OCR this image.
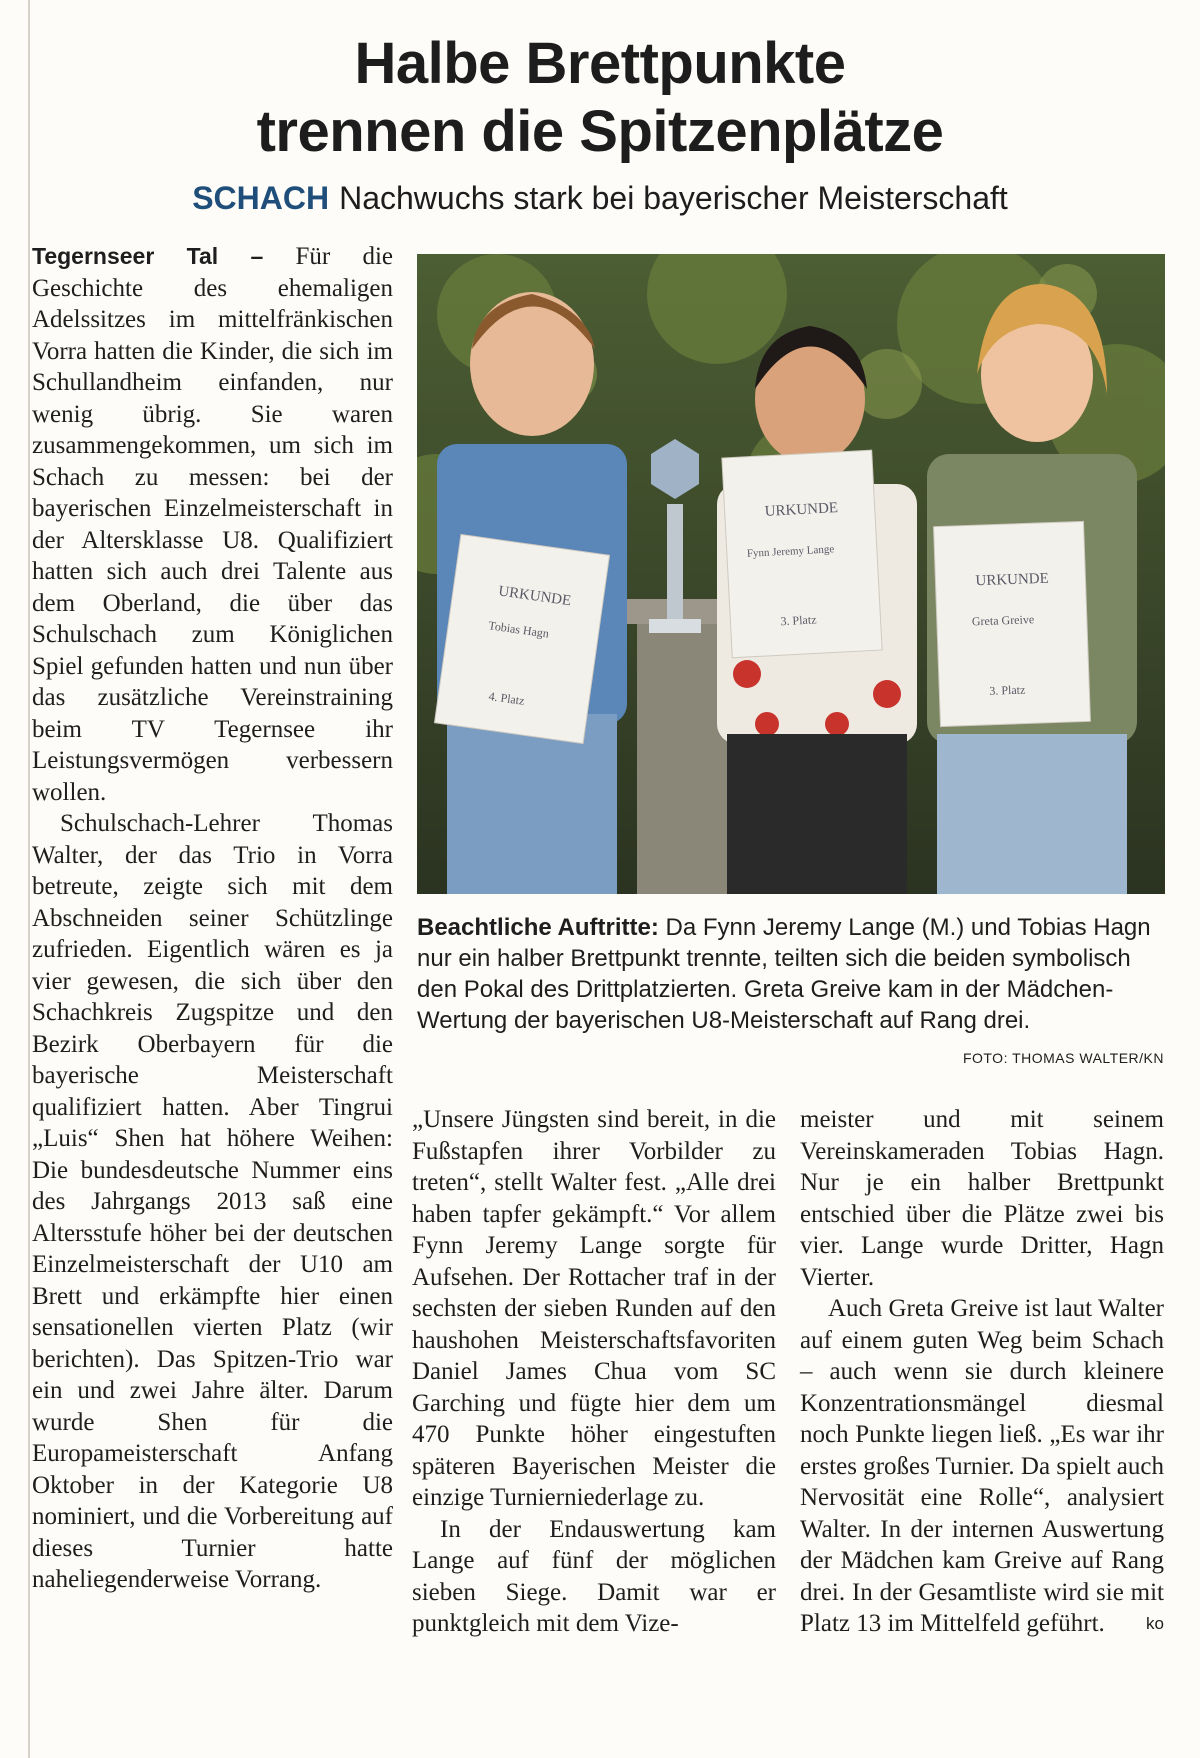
Halbe Brettpunkte
trennen die Spitzenplätze
SCHACH Nachwuchs stark bei bayerischer Meisterschaft

Tegernseer Tal – Für die Geschichte des ehemaligen Adelssitzes im mittelfränkischen Vorra hatten die Kinder, die sich im Schullandheim einfanden, nur wenig übrig. Sie waren zusammengekommen, um sich im Schach zu messen: bei der bayerischen Einzelmeisterschaft in der Altersklasse U8. Qualifiziert hatten sich auch drei Talente aus dem Oberland, die über das Schulschach zum Königlichen Spiel gefunden hatten und nun über das zusätzliche Vereinstraining beim TV Tegernsee ihr Leistungsvermögen verbessern wollen.

Schulschach-Lehrer Thomas Walter, der das Trio in Vorra betreute, zeigte sich mit dem Abschneiden seiner Schützlinge zufrieden. Eigentlich wären es ja vier gewesen, die sich über den Schachkreis Zugspitze und den Bezirk Oberbayern für die bayerische Meisterschaft qualifiziert hatten. Aber Tingrui „Luis“ Shen hat höhere Weihen: Die bundesdeutsche Nummer eins des Jahrgangs 2013 saß eine Altersstufe höher bei der deutschen Einzelmeisterschaft der U10 am Brett und erkämpfte hier einen sensationellen vierten Platz (wir berichten). Das Spitzen-Trio war ein und zwei Jahre älter. Darum wurde Shen für die Europameisterschaft Anfang Oktober in der Kategorie U8 nominiert, und die Vorbereitung auf dieses Turnier hatte naheliegenderweise Vorrang.

URKUNDE
Tobias Hagn
4. Platz
URKUNDE
Fynn Jeremy Lange
3. Platz
URKUNDE
Greta Greive
3. Platz
Beachtliche Auftritte: Da Fynn Jeremy Lange (M.) und Tobias Hagn nur ein halber Brettpunkt trennte, teilten sich die beiden symbolisch den Pokal des Drittplatzierten. Greta Greive kam in der Mädchen-Wertung der bayerischen U8-Meisterschaft auf Rang drei.
FOTO: THOMAS WALTER/KN

„Unsere Jüngsten sind bereit, in die Fußstapfen ihrer Vorbilder zu treten“, stellt Walter fest. „Alle drei haben tapfer gekämpft.“ Vor allem Fynn Jeremy Lange sorgte für Aufsehen. Der Rottacher traf in der sechsten der sieben Runden auf den haushohen Meisterschaftsfavoriten Daniel James Chua vom SC Garching und fügte hier dem um 470 Punkte höher eingestuften späteren Bayerischen Meister die einzige Turnierniederlage zu.

In der Endauswertung kam Lange auf fünf der möglichen sieben Siege. Damit war er punktgleich mit dem Vize-

meister und mit seinem Vereinskameraden Tobias Hagn. Nur je ein halber Brettpunkt entschied über die Plätze zwei bis vier. Lange wurde Dritter, Hagn Vierter.

Auch Greta Greive ist laut Walter auf einem guten Weg beim Schach – auch wenn sie durch kleinere Konzentrationsmängel diesmal noch Punkte liegen ließ. „Es war ihr erstes großes Turnier. Da spielt auch Nervosität eine Rolle“, analysiert Walter. In der internen Auswertung der Mädchen kam Greive auf Rang drei. In der Gesamtliste wird sie mit Platz 13 im Mittelfeld geführt.	ko
